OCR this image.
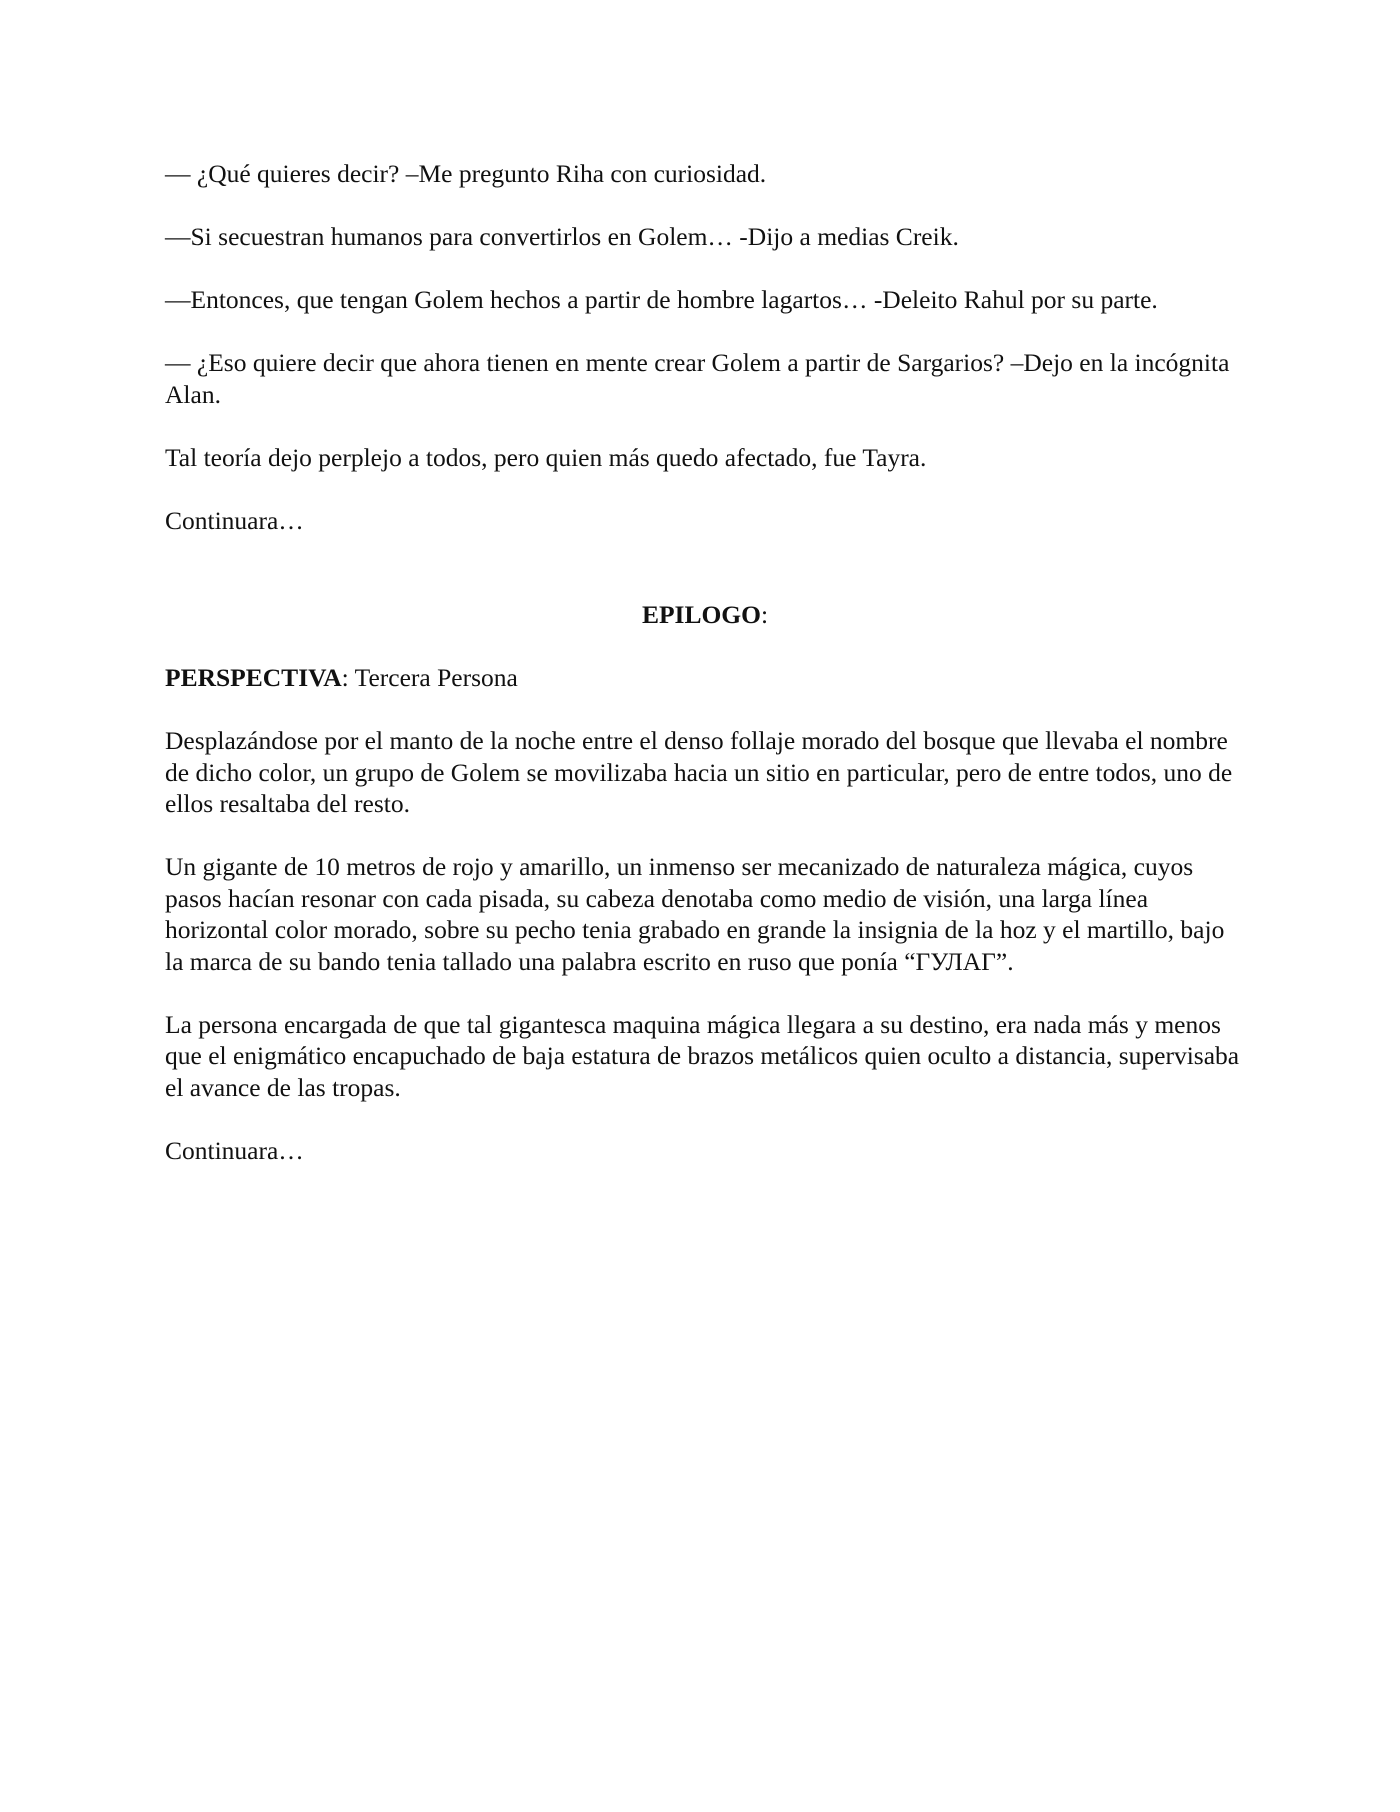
— ¿Qué quieres decir? –Me pregunto Riha con curiosidad.

—Si secuestran humanos para convertirlos en Golem… -Dijo a medias Creik.

—Entonces, que tengan Golem hechos a partir de hombre lagartos… -Deleito Rahul por su parte.

— ¿Eso quiere decir que ahora tienen en mente crear Golem a partir de Sargarios? –Dejo en la incógnita Alan.

Tal teoría dejo perplejo a todos, pero quien más quedo afectado, fue Tayra.

Continuara…

EPILOGO:

PERSPECTIVA: Tercera Persona

Desplazándose por el manto de la noche entre el denso follaje morado del bosque que llevaba el nombre de dicho color, un grupo de Golem se movilizaba hacia un sitio en particular, pero de entre todos, uno de ellos resaltaba del resto.

Un gigante de 10 metros de rojo y amarillo, un inmenso ser mecanizado de naturaleza mágica, cuyos pasos hacían resonar con cada pisada, su cabeza denotaba como medio de visión, una larga línea horizontal color morado, sobre su pecho tenia grabado en grande la insignia de la hoz y el martillo, bajo la marca de su bando tenia tallado una palabra escrito en ruso que ponía “ГУЛАГ”.

La persona encargada de que tal gigantesca maquina mágica llegara a su destino, era nada más y menos que el enigmático encapuchado de baja estatura de brazos metálicos quien oculto a distancia, supervisaba el avance de las tropas.

Continuara…
